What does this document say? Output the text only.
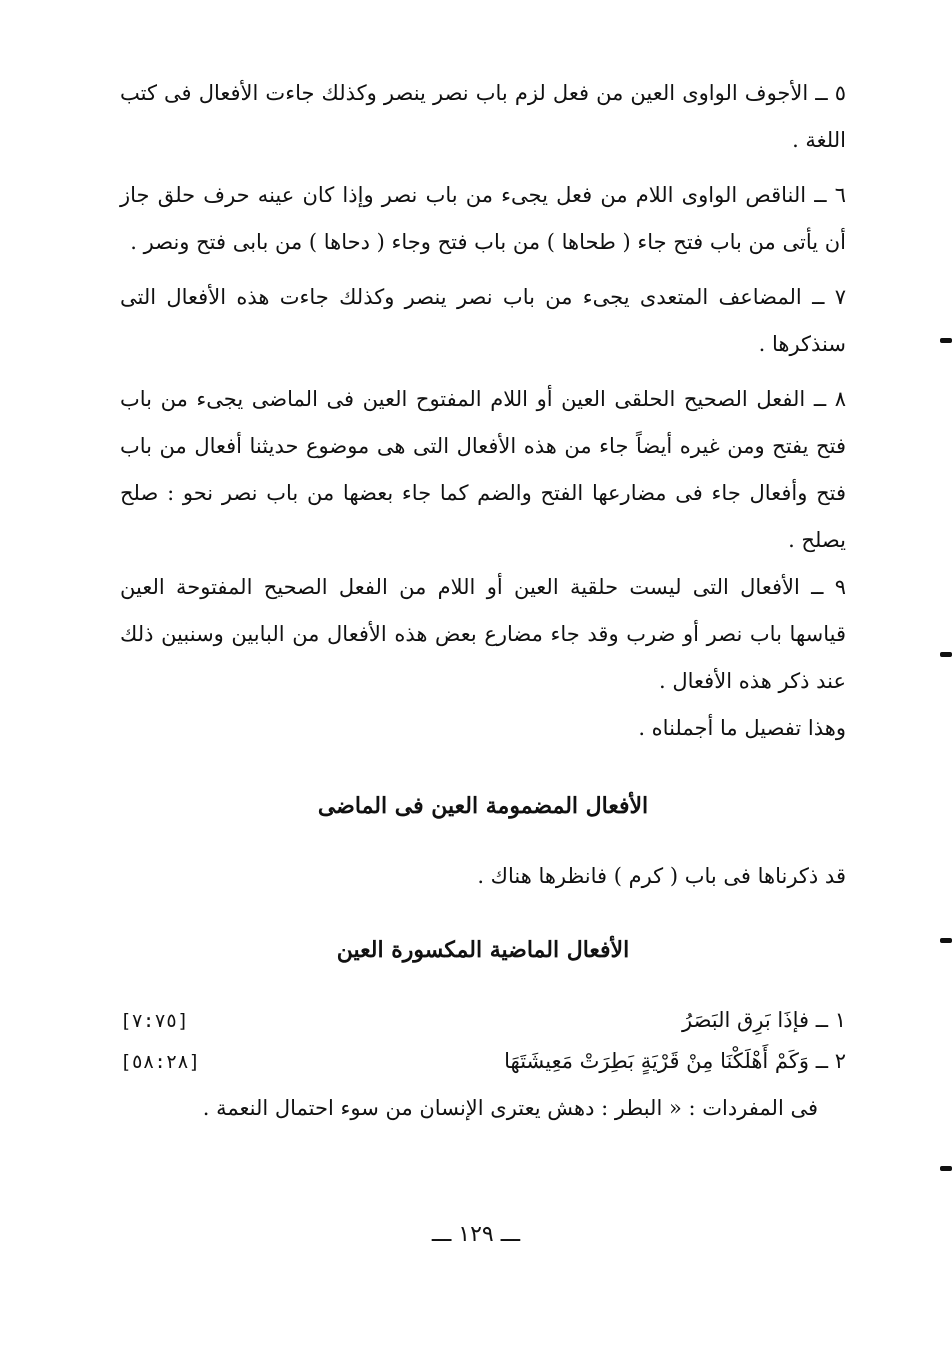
٥ ــ الأجوف الواوى العين من فعل لزم باب نصر ينصر وكذلك جاءت الأفعال فى كتب اللغة .

٦ ــ الناقص الواوى اللام من فعل يجىء من باب نصر وإذا كان عينه حرف حلق جاز أن يأتى من باب فتح جاء ( طحاها ) من باب فتح وجاء ( دحاها ) من بابى فتح ونصر .

٧ ــ المضاعف المتعدى يجىء من باب نصر ينصر وكذلك جاءت هذه الأفعال التى سنذكرها .

٨ ــ الفعل الصحيح الحلقى العين أو اللام المفتوح العين فى الماضى يجىء من باب فتح يفتح ومن غيره أيضاً جاء من هذه الأفعال التى هى موضوع حديثنا أفعال من باب فتح وأفعال جاء فى مضارعها الفتح والضم كما جاء بعضها من باب نصر نحو : صلح يصلح .

٩ ــ الأفعال التى ليست حلقية العين أو اللام من الفعل الصحيح المفتوحة العين قياسها باب نصر أو ضرب وقد جاء مضارع بعض هذه الأفعال من البابين وسنبين ذلك عند ذكر هذه الأفعال .

وهذا تفصيل ما أجملناه .

الأفعال المضمومة العين فى الماضى

قد ذكرناها فى باب ( كرم ) فانظرها هناك .

الأفعال الماضية المكسورة العين
١ ــ فإذَا بَرِق البَصَرُ
[٧:٧٥]
٢ ــ وَكَمْ أَهْلَكْنَا مِنْ قَرْيَةٍ بَطِرَتْ مَعِيشَتَهَا
[٥٨:٢٨]

فى المفردات : « البطر : دهش يعترى الإنسان من سوء احتمال النعمة .

ـــ ١٢٩ ـــ
